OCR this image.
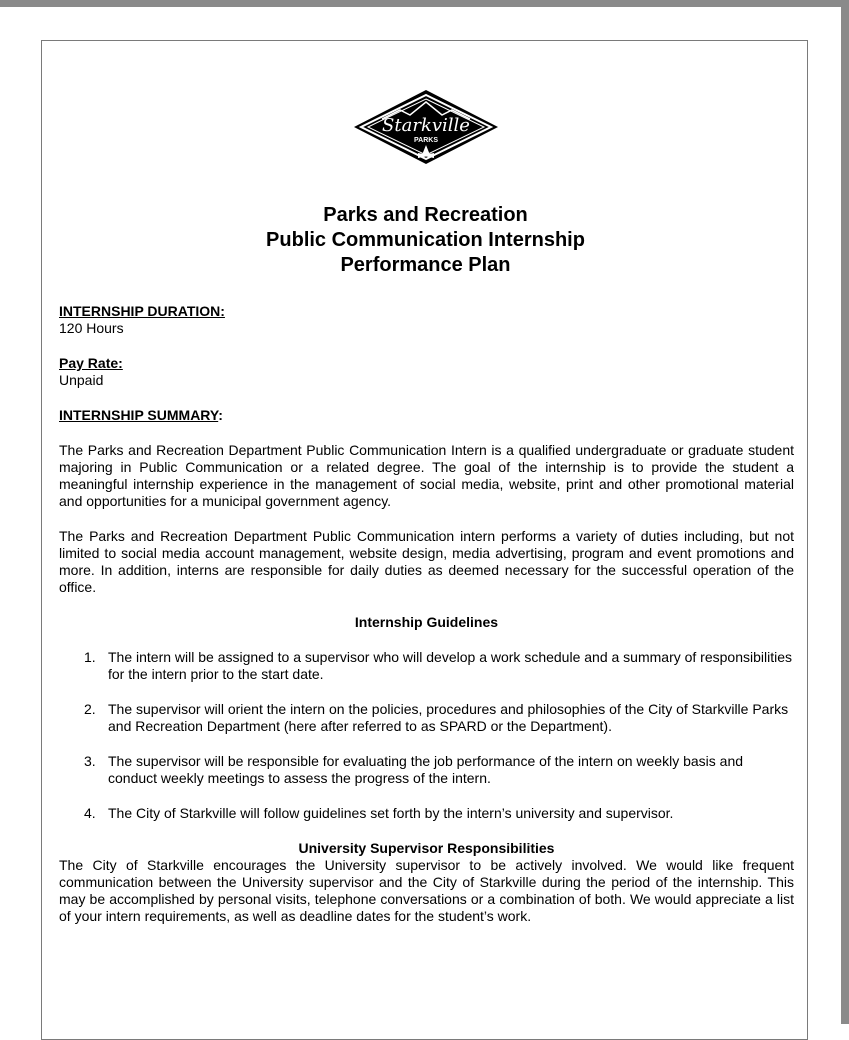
Starkville
PARKS
Parks and Recreation
Public Communication Internship
Performance Plan
INTERNSHIP DURATION:
120 Hours
Pay Rate:
Unpaid
INTERNSHIP SUMMARY:

The Parks and Recreation Department Public Communication Intern is a qualified undergraduate or graduate student majoring in Public Communication or a related degree. The goal of the internship is to provide the student a meaningful internship experience in the management of social media, website, print and other promotional material and opportunities for a municipal government agency.

The Parks and Recreation Department Public Communication intern performs a variety of duties including, but not limited to social media account management, website design, media advertising, program and event promotions and more. In addition, interns are responsible for daily duties as deemed necessary for the successful operation of the office.

Internship Guidelines

1. The intern will be assigned to a supervisor who will develop a work schedule and a summary of responsibilities for the intern prior to the start date.
2. The supervisor will orient the intern on the policies, procedures and philosophies of the City of Starkville Parks and Recreation Department (here after referred to as SPARD or the Department).
3. The supervisor will be responsible for evaluating the job performance of the intern on weekly basis and conduct weekly meetings to assess the progress of the intern.
4. The City of Starkville will follow guidelines set forth by the intern’s university and supervisor.

University Supervisor Responsibilities

The City of Starkville encourages the University supervisor to be actively involved. We would like frequent communication between the University supervisor and the City of Starkville during the period of the internship. This may be accomplished by personal visits, telephone conversations or a combination of both. We would appreciate a list of your intern requirements, as well as deadline dates for the student’s work.
